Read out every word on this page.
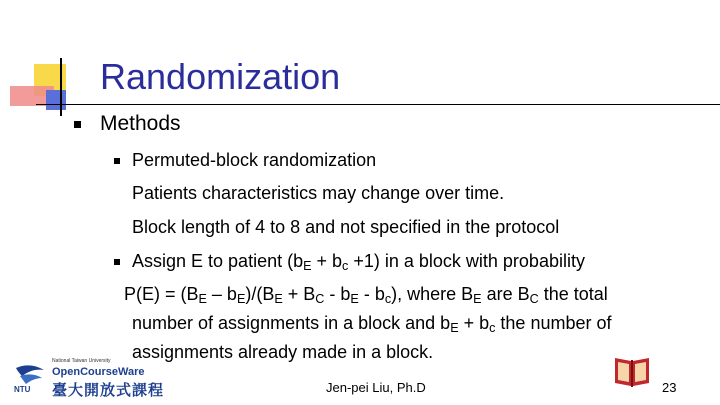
Randomization
Methods
Permuted-block randomization
Patients characteristics may change over time.
Block length of 4 to 8 and not specified in the protocol
Assign E to patient $(b_E + b_c +1)$ in a block with probability
$P(E) = (B_E - b_E)/(B_E + B_C - b_E - b_c)$, where $B_E$ are $B_C$ the total
number of assignments in a block and $b_E + b_c$ the number of
assignments already made in a block.
National Taiwan University
OpenCourseWare
臺大開放式課程
NTU	Jen-pei Liu, Ph.D	23
